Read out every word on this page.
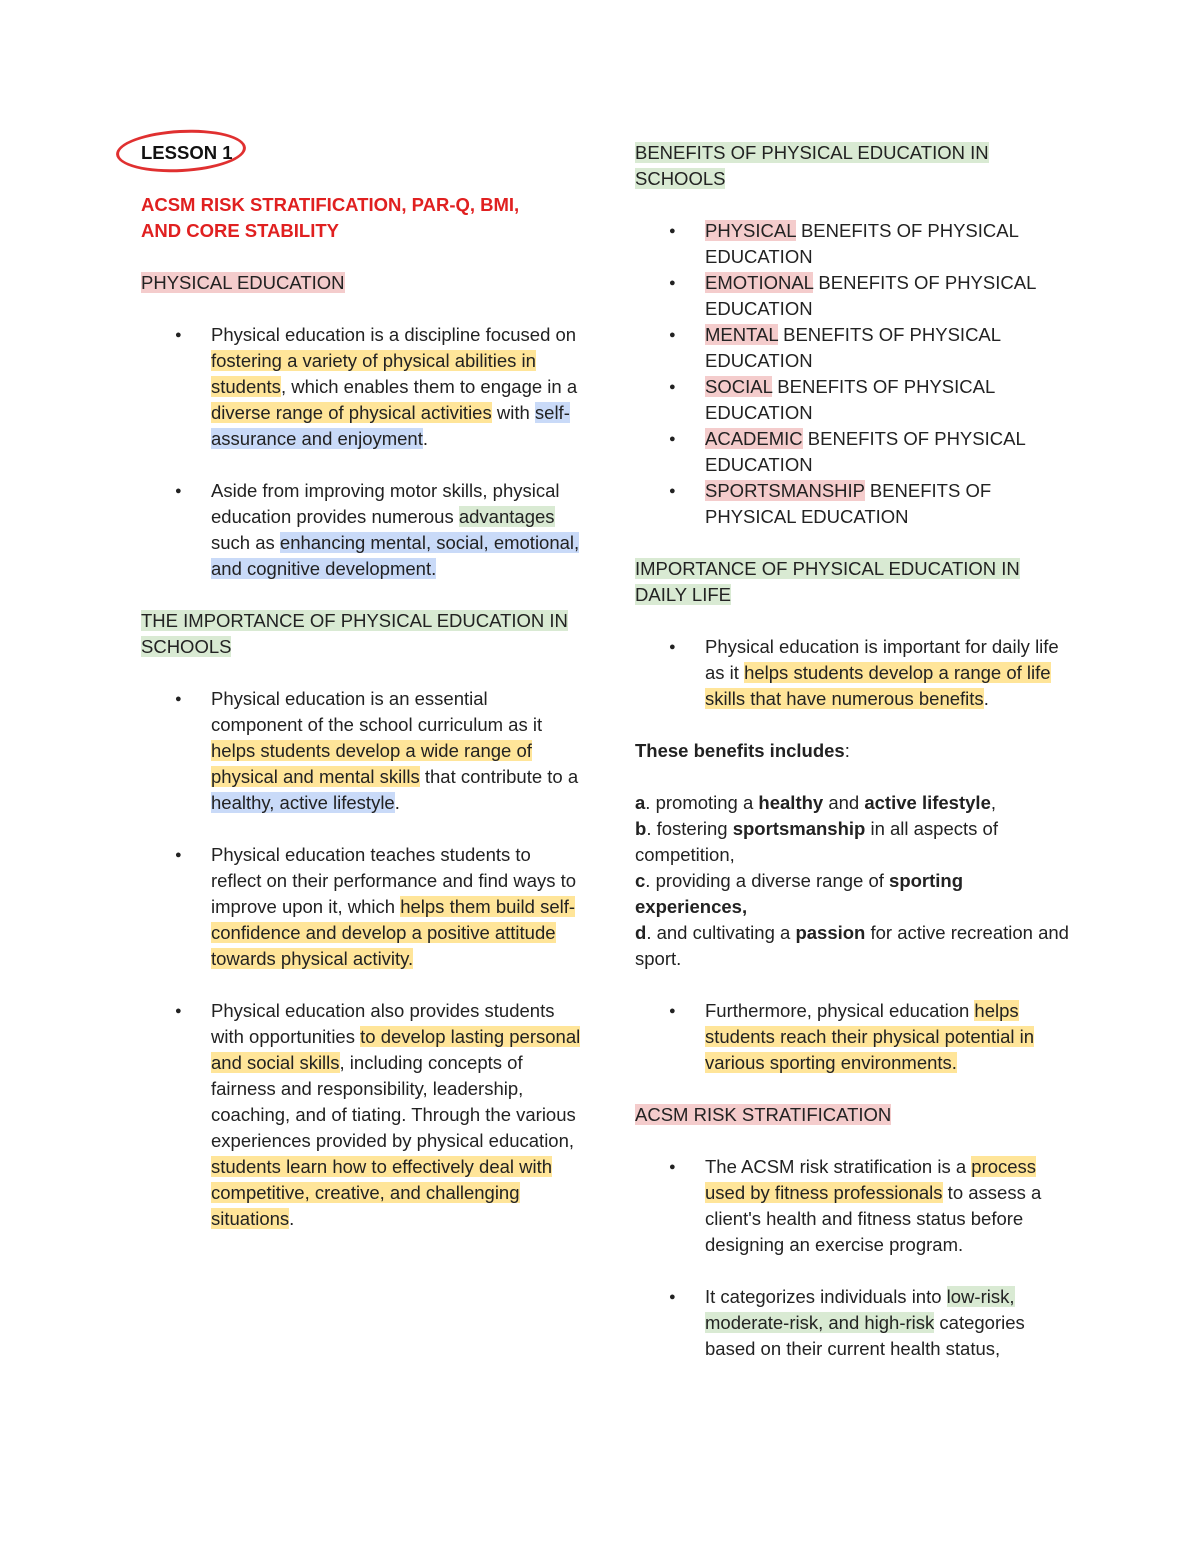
LESSON 1

ACSM RISK STRATIFICATION, PAR-Q, BMI,
AND CORE STABILITY

PHYSICAL EDUCATION

● Physical education is a discipline focused on fostering a variety of physical abilities in students, which enables them to engage in a diverse range of physical activities with self-assurance and enjoyment.
● Aside from improving motor skills, physical education provides numerous advantages such as enhancing mental, social, emotional, and cognitive development.

THE IMPORTANCE OF PHYSICAL EDUCATION IN SCHOOLS

● Physical education is an essential component of the school curriculum as it helps students develop a wide range of physical and mental skills that contribute to a healthy, active lifestyle.
● Physical education teaches students to reflect on their performance and find ways to improve upon it, which helps them build self-confidence and develop a positive attitude towards physical activity.
● Physical education also provides students with opportunities to develop lasting personal and social skills, including concepts of fairness and responsibility, leadership, coaching, and of tiating. Through the various experiences provided by physical education, students learn how to effectively deal with competitive, creative, and challenging situations.

BENEFITS OF PHYSICAL EDUCATION IN SCHOOLS

● PHYSICAL BENEFITS OF PHYSICAL EDUCATION
● EMOTIONAL BENEFITS OF PHYSICAL EDUCATION
● MENTAL BENEFITS OF PHYSICAL EDUCATION
● SOCIAL BENEFITS OF PHYSICAL EDUCATION
● ACADEMIC BENEFITS OF PHYSICAL EDUCATION
● SPORTSMANSHIP BENEFITS OF PHYSICAL EDUCATION

IMPORTANCE OF PHYSICAL EDUCATION IN DAILY LIFE

● Physical education is important for daily life as it helps students develop a range of life skills that have numerous benefits.

These benefits includes:

a. promoting a healthy and active lifestyle,

b. fostering sportsmanship in all aspects of competition,

c. providing a diverse range of sporting experiences,

d. and cultivating a passion for active recreation and sport.

● Furthermore, physical education helps students reach their physical potential in various sporting environments.

ACSM RISK STRATIFICATION

● The ACSM risk stratification is a process used by fitness professionals to assess a client's health and fitness status before designing an exercise program.
● It categorizes individuals into low-risk, moderate-risk, and high-risk categories based on their current health status,
